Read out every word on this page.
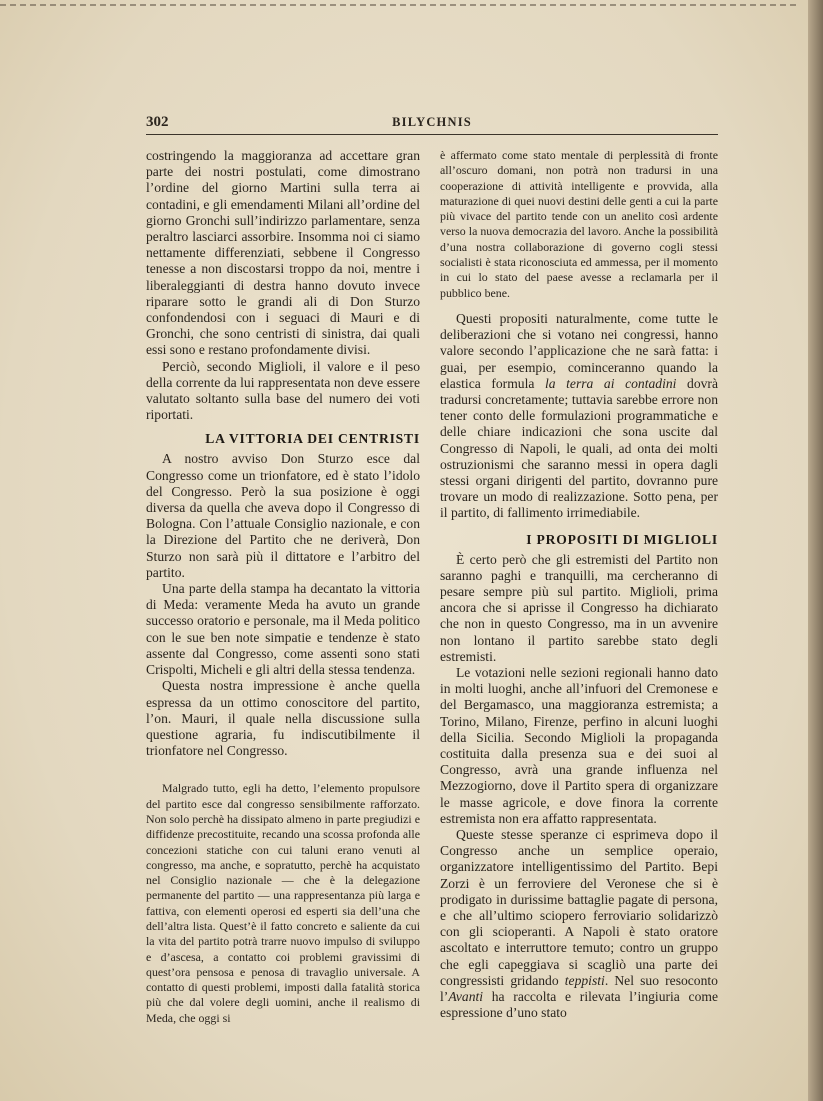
302	BILYCHNIS

costringendo la maggioranza ad accettare gran parte dei nostri postulati, come dimostrano l’ordine del giorno Martini sulla terra ai contadini, e gli emendamenti Milani all’ordine del giorno Gronchi sull’indirizzo parlamentare, senza peraltro lasciarci assorbire. Insomma noi ci siamo nettamente differenziati, sebbene il Congresso tenesse a non discostarsi troppo da noi, mentre i liberaleggianti di destra hanno dovuto invece riparare sotto le grandi ali di Don Sturzo confondendosi con i seguaci di Mauri e di Gronchi, che sono centristi di sinistra, dai quali essi sono e restano profondamente divisi.

Perciò, secondo Miglioli, il valore e il peso della corrente da lui rappresentata non deve essere valutato soltanto sulla base del numero dei voti riportati.

LA VITTORIA DEI CENTRISTI

A nostro avviso Don Sturzo esce dal Congresso come un trionfatore, ed è stato l’idolo del Congresso. Però la sua posizione è oggi diversa da quella che aveva dopo il Congresso di Bologna. Con l’attuale Consiglio nazionale, e con la Direzione del Partito che ne deriverà, Don Sturzo non sarà più il dittatore e l’arbitro del partito.

Una parte della stampa ha decantato la vittoria di Meda: veramente Meda ha avuto un grande successo oratorio e personale, ma il Meda politico con le sue ben note simpatie e tendenze è stato assente dal Congresso, come assenti sono stati Crispolti, Micheli e gli altri della stessa tendenza.

Questa nostra impressione è anche quella espressa da un ottimo conoscitore del partito, l’on. Mauri, il quale nella discussione sulla questione agraria, fu indiscutibilmente il trionfatore nel Congresso.

Malgrado tutto, egli ha detto, l’elemento propulsore del partito esce dal congresso sensibilmente rafforzato. Non solo perchè ha dissipato almeno in parte pregiudizi e diffidenze precostituite, recando una scossa profonda alle concezioni statiche con cui taluni erano venuti al congresso, ma anche, e sopratutto, perchè ha acquistato nel Consiglio nazionale — che è la delegazione permanente del partito — una rappresentanza più larga e fattiva, con elementi operosi ed esperti sia dell’una che dell’altra lista. Quest’è il fatto concreto e saliente da cui la vita del partito potrà trarre nuovo impulso di sviluppo e d’ascesa, a contatto coi problemi gravissimi di quest’ora pensosa e penosa di travaglio universale. A contatto di questi problemi, imposti dalla fatalità storica più che dal volere degli uomini, anche il realismo di Meda, che oggi si

è affermato come stato mentale di perplessità di fronte all’oscuro domani, non potrà non tradursi in una cooperazione di attività intelligente e provvida, alla maturazione di quei nuovi destini delle genti a cui la parte più vivace del partito tende con un anelito così ardente verso la nuova democrazia del lavoro. Anche la possibilità d’una nostra collaborazione di governo cogli stessi socialisti è stata riconosciuta ed ammessa, per il momento in cui lo stato del paese avesse a reclamarla per il pubblico bene.

Questi propositi naturalmente, come tutte le deliberazioni che si votano nei congressi, hanno valore secondo l’applicazione che ne sarà fatta: i guai, per esempio, cominceranno quando la elastica formula la terra ai contadini dovrà tradursi concretamente; tuttavia sarebbe errore non tener conto delle formulazioni programmatiche e delle chiare indicazioni che sona uscite dal Congresso di Napoli, le quali, ad onta dei molti ostruzionismi che saranno messi in opera dagli stessi organi dirigenti del partito, dovranno pure trovare un modo di realizzazione. Sotto pena, per il partito, di fallimento irrimediabile.

I PROPOSITI DI MIGLIOLI

È certo però che gli estremisti del Partito non saranno paghi e tranquilli, ma cercheranno di pesare sempre più sul partito. Miglioli, prima ancora che si aprisse il Congresso ha dichiarato che non in questo Congresso, ma in un avvenire non lontano il partito sarebbe stato degli estremisti.

Le votazioni nelle sezioni regionali hanno dato in molti luoghi, anche all’infuori del Cremonese e del Bergamasco, una maggioranza estremista; a Torino, Milano, Firenze, perfino in alcuni luoghi della Sicilia. Secondo Miglioli la propaganda costituita dalla presenza sua e dei suoi al Congresso, avrà una grande influenza nel Mezzogiorno, dove il Partito spera di organizzare le masse agricole, e dove finora la corrente estremista non era affatto rappresentata.

Queste stesse speranze ci esprimeva dopo il Congresso anche un semplice operaio, organizzatore intelligentissimo del Partito. Bepi Zorzi è un ferroviere del Veronese che si è prodigato in durissime battaglie pagate di persona, e che all’ultimo sciopero ferroviario solidarizzò con gli scioperanti. A Napoli è stato oratore ascoltato e interruttore temuto; contro un gruppo che egli capeggiava si scagliò una parte dei congressisti gridando teppisti. Nel suo resoconto l’Avanti ha raccolta e rilevata l’ingiuria come espressione d’uno stato
